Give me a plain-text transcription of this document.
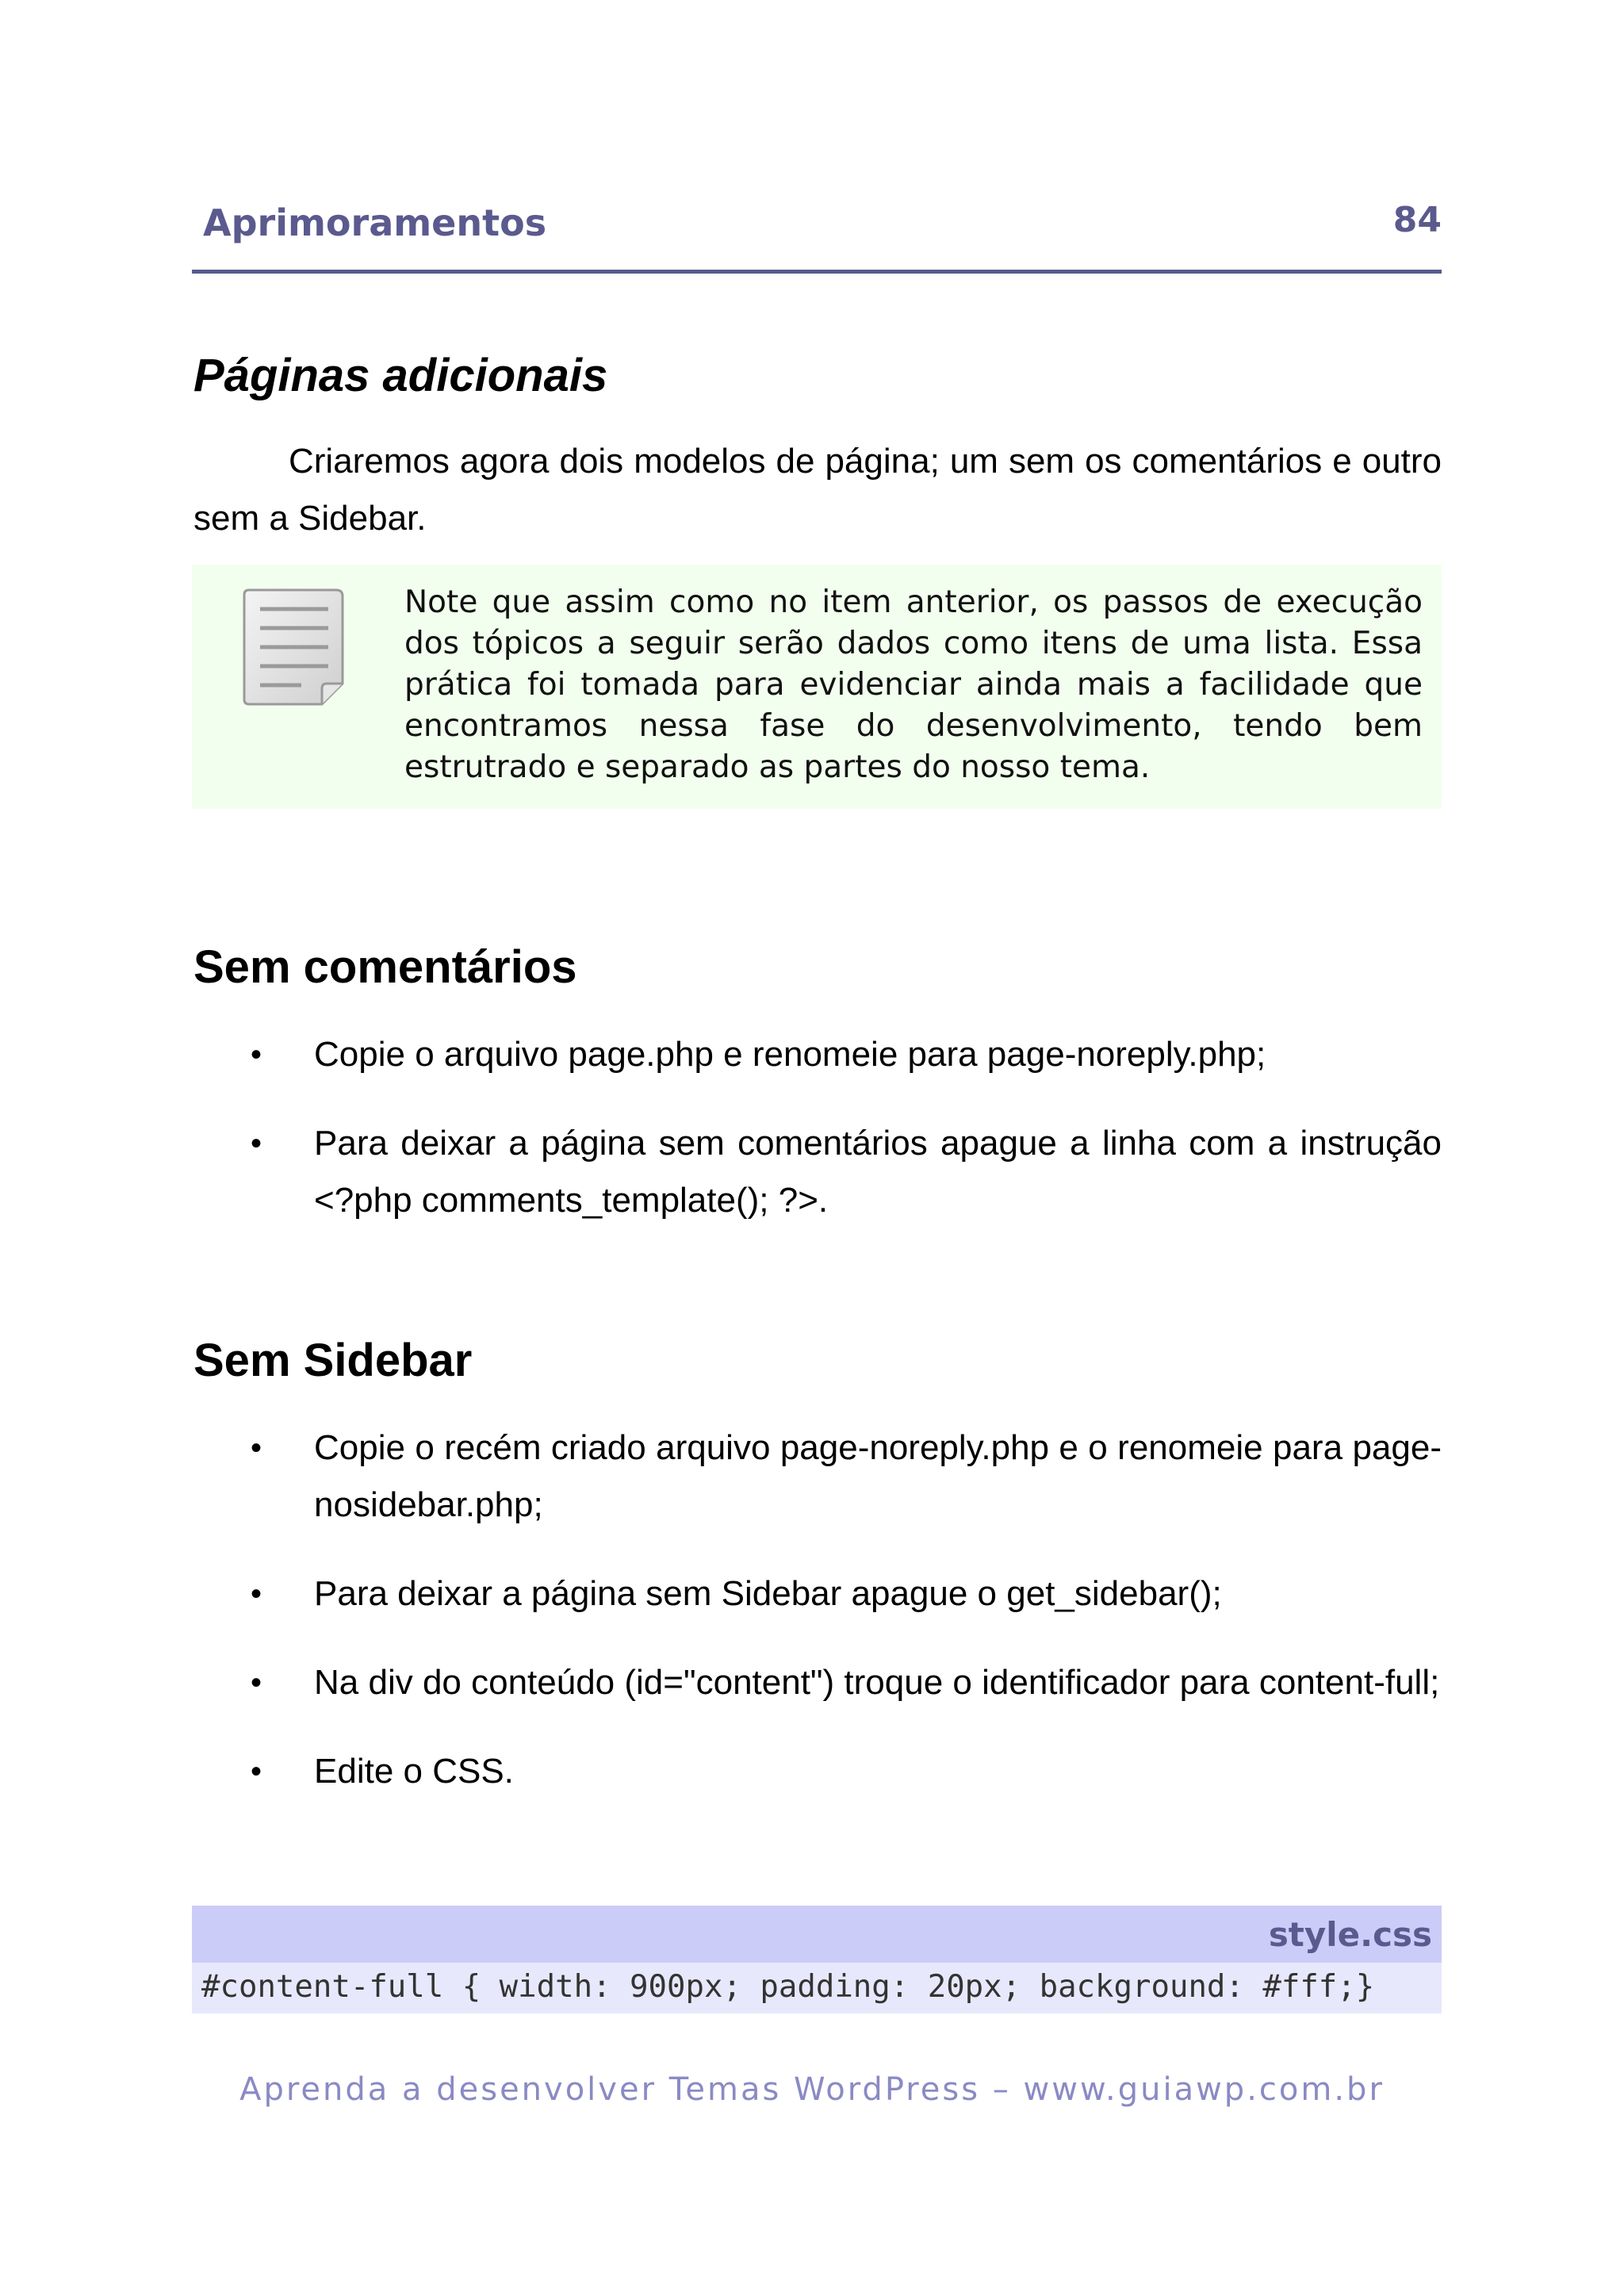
Aprimoramentos	84
Páginas adicionais
Criaremos agora dois modelos de página; um sem os comentários e outro sem a Sidebar.
Note que assim como no item anterior, os passos de execução dos tópicos a seguir serão dados como itens de uma lista. Essa prática foi tomada para evidenciar ainda mais a facilidade que encontramos nessa fase do desenvolvimento, tendo bem estrutrado e separado as partes do nosso tema.
Sem comentários
• Copie o arquivo page.php e renomeie para page-noreply.php;
• Para deixar a página sem comentários apague a linha com a instrução <?php comments_template(); ?>.
Sem Sidebar
• Copie o recém criado arquivo page-noreply.php e o renomeie para page-nosidebar.php;
• Para deixar a página sem Sidebar apague o get_sidebar();
• Na div do conteúdo (id="content") troque o identificador para content-full;
• Edite o CSS.
style.css
#content-full { width: 900px; padding: 20px; background: #fff;}
Aprenda a desenvolver Temas WordPress – www.guiawp.com.br
